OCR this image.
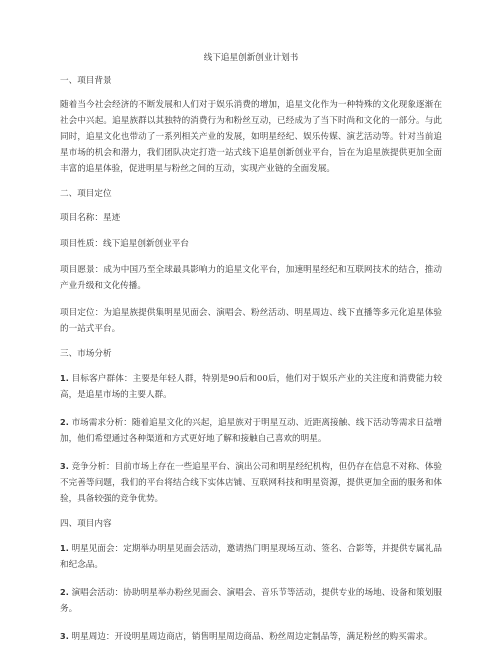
线下追星创新创业计划书
一、项目背景
随着当今社会经济的不断发展和人们对于娱乐消费的增加，追星文化作为一种特殊的文化现象逐渐在社会中兴起。追星族群以其独特的消费行为和粉丝互动，已经成为了当下时尚和文化的一部分。与此同时，追星文化也带动了一系列相关产业的发展，如明星经纪、娱乐传媒、演艺活动等。针对当前追星市场的机会和潜力，我们团队决定打造一站式线下追星创新创业平台，旨在为追星族提供更加全面丰富的追星体验，促进明星与粉丝之间的互动，实现产业链的全面发展。
二、项目定位
项目名称：星迹
项目性质：线下追星创新创业平台
项目愿景：成为中国乃至全球最具影响力的追星文化平台，加速明星经纪和互联网技术的结合，推动产业升级和文化传播。
项目定位：为追星族提供集明星见面会、演唱会、粉丝活动、明星周边、线下直播等多元化追星体验的一站式平台。
三、市场分析
1. 目标客户群体：主要是年轻人群，特别是90后和00后，他们对于娱乐产业的关注度和消费能力较高，是追星市场的主要人群。
2. 市场需求分析：随着追星文化的兴起，追星族对于明星互动、近距离接触、线下活动等需求日益增加，他们希望通过各种渠道和方式更好地了解和接触自己喜欢的明星。
3. 竞争分析：目前市场上存在一些追星平台、演出公司和明星经纪机构，但仍存在信息不对称、体验不完善等问题，我们的平台将结合线下实体店铺、互联网科技和明星资源，提供更加全面的服务和体验，具备较强的竞争优势。
四、项目内容
1. 明星见面会：定期举办明星见面会活动，邀请热门明星现场互动、签名、合影等，并提供专属礼品和纪念品。
2. 演唱会活动：协助明星举办粉丝见面会、演唱会、音乐节等活动，提供专业的场地、设备和策划服务。
3. 明星周边：开设明星周边商店，销售明星周边商品、粉丝周边定制品等，满足粉丝的购买需求。
